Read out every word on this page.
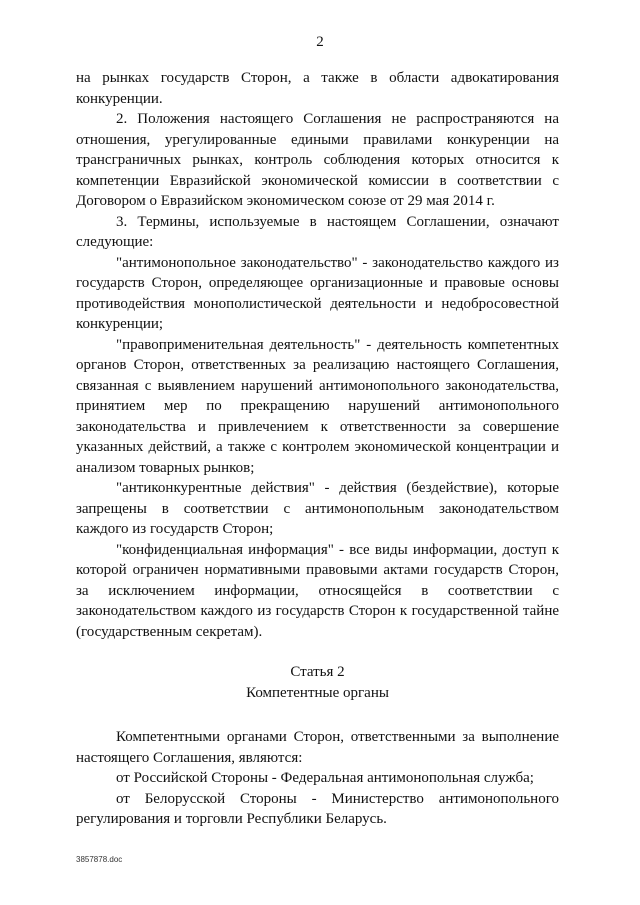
2

на рынках государств Сторон, а также в области адвокатирования конкуренции.

2. Положения настоящего Соглашения не распространяются на отношения, урегулированные едиными правилами конкуренции на трансграничных рынках, контроль соблюдения которых относится к компетенции Евразийской экономической комиссии в соответствии с Договором о Евразийском экономическом союзе от 29 мая 2014 г.

3. Термины, используемые в настоящем Соглашении, означают следующие:

"антимонопольное законодательство" - законодательство каждого из государств Сторон, определяющее организационные и правовые основы противодействия монополистической деятельности и недобросовестной конкуренции;

"правоприменительная деятельность" - деятельность компетентных органов Сторон, ответственных за реализацию настоящего Соглашения, связанная с выявлением нарушений антимонопольного законодательства, принятием мер по прекращению нарушений антимонопольного законодательства и привлечением к ответственности за совершение указанных действий, а также с контролем экономической концентрации и анализом товарных рынков;

"антиконкурентные действия" - действия (бездействие), которые запрещены в соответствии с антимонопольным законодательством каждого из государств Сторон;

"конфиденциальная информация" - все виды информации, доступ к которой ограничен нормативными правовыми актами государств Сторон, за исключением информации, относящейся в соответствии с законодательством каждого из государств Сторон к государственной тайне (государственным секретам).

Статья 2

Компетентные органы

Компетентными органами Сторон, ответственными за выполнение настоящего Соглашения, являются:

от Российской Стороны - Федеральная антимонопольная служба;

от Белорусской Стороны - Министерство антимонопольного регулирования и торговли Республики Беларусь.

3857878.doc
